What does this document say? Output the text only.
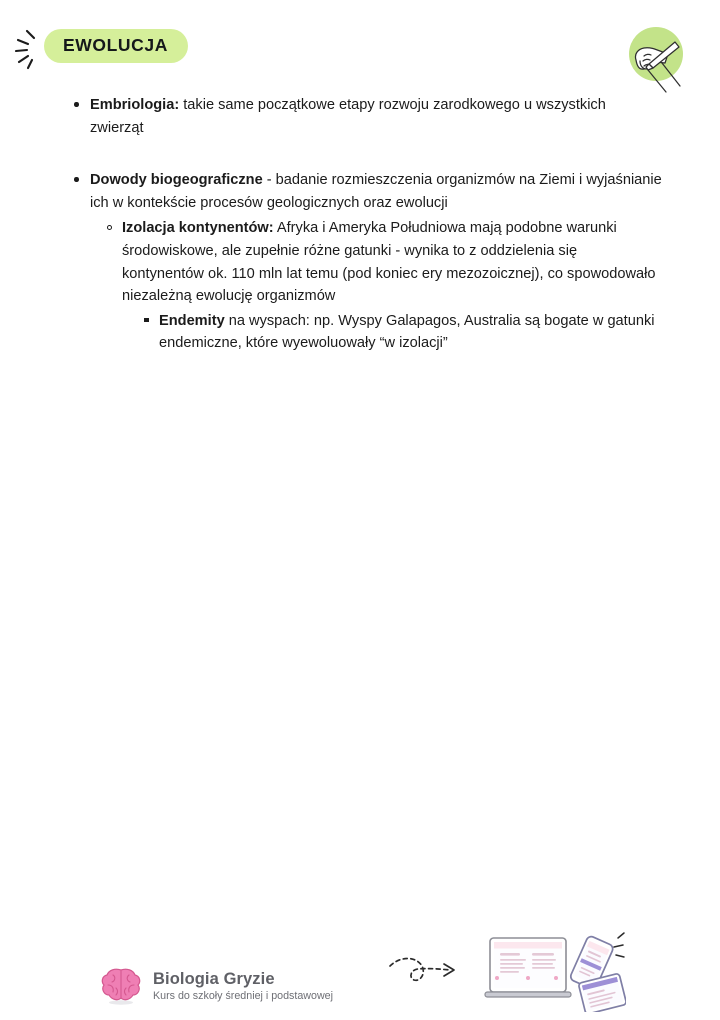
EWOLUCJA
Embriologia: takie same początkowe etapy rozwoju zarodkowego u wszystkich zwierząt
Dowody biogeograficzne - badanie rozmieszczenia organizmów na Ziemi i wyjaśnianie ich w kontekście procesów geologicznych oraz ewolucji
Izolacja kontynentów: Afryka i Ameryka Południowa mają podobne warunki środowiskowe, ale zupełnie różne gatunki - wynika to z oddzielenia się kontynentów ok. 110 mln lat temu (pod koniec ery mezozoicznej), co spowodowało niezależną ewolucję organizmów
Endemity na wyspach: np. Wyspy Galapagos, Australia są bogate w gatunki endemiczne, które wyewoluowały “w izolacji”
Biologia Gryzie
Kurs do szkoły średniej i podstawowej
